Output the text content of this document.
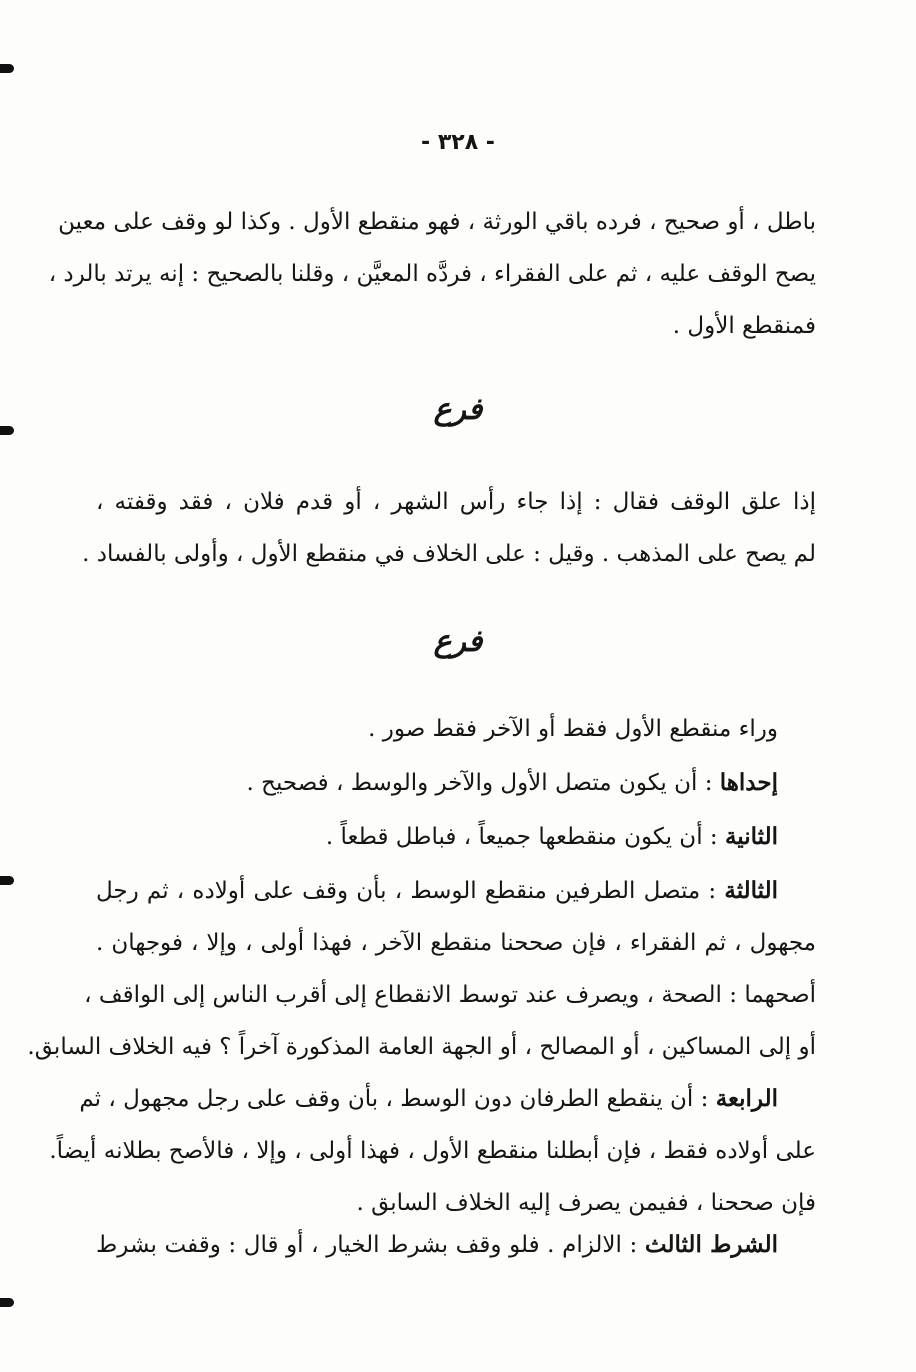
- ٣٢٨ -
باطل ، أو صحيح ، فرده باقي الورثة ، فهو منقطع الأول . وكذا لو وقف على معين
يصح الوقف عليه ، ثم على الفقراء ، فردَّه المعيَّن ، وقلنا بالصحيح : إنه يرتد بالرد ،
فمنقطع الأول .
فرع
إذا علق الوقف فقال : إذا جاء رأس الشهر ، أو قدم فلان ، فقد وقفته ،
لم يصح على المذهب . وقيل : على الخلاف في منقطع الأول ، وأولى بالفساد .
فرع
وراء منقطع الأول فقط أو الآخر فقط صور .
إحداها : أن يكون متصل الأول والآخر والوسط ، فصحيح .
الثانية : أن يكون منقطعها جميعاً ، فباطل قطعاً .
الثالثة : متصل الطرفين منقطع الوسط ، بأن وقف على أولاده ، ثم رجل
مجهول ، ثم الفقراء ، فإن صححنا منقطع الآخر ، فهذا أولى ، وإلا ، فوجهان .
أصحهما : الصحة ، ويصرف عند توسط الانقطاع إلى أقرب الناس إلى الواقف ،
أو إلى المساكين ، أو المصالح ، أو الجهة العامة المذكورة آخراً ؟ فيه الخلاف السابق.
الرابعة : أن ينقطع الطرفان دون الوسط ، بأن وقف على رجل مجهول ، ثم
على أولاده فقط ، فإن أبطلنا منقطع الأول ، فهذا أولى ، وإلا ، فالأصح بطلانه أيضاً.
فإن صححنا ، ففيمن يصرف إليه الخلاف السابق .
الشرط الثالث : الالزام . فلو وقف بشرط الخيار ، أو قال : وقفت بشرط
